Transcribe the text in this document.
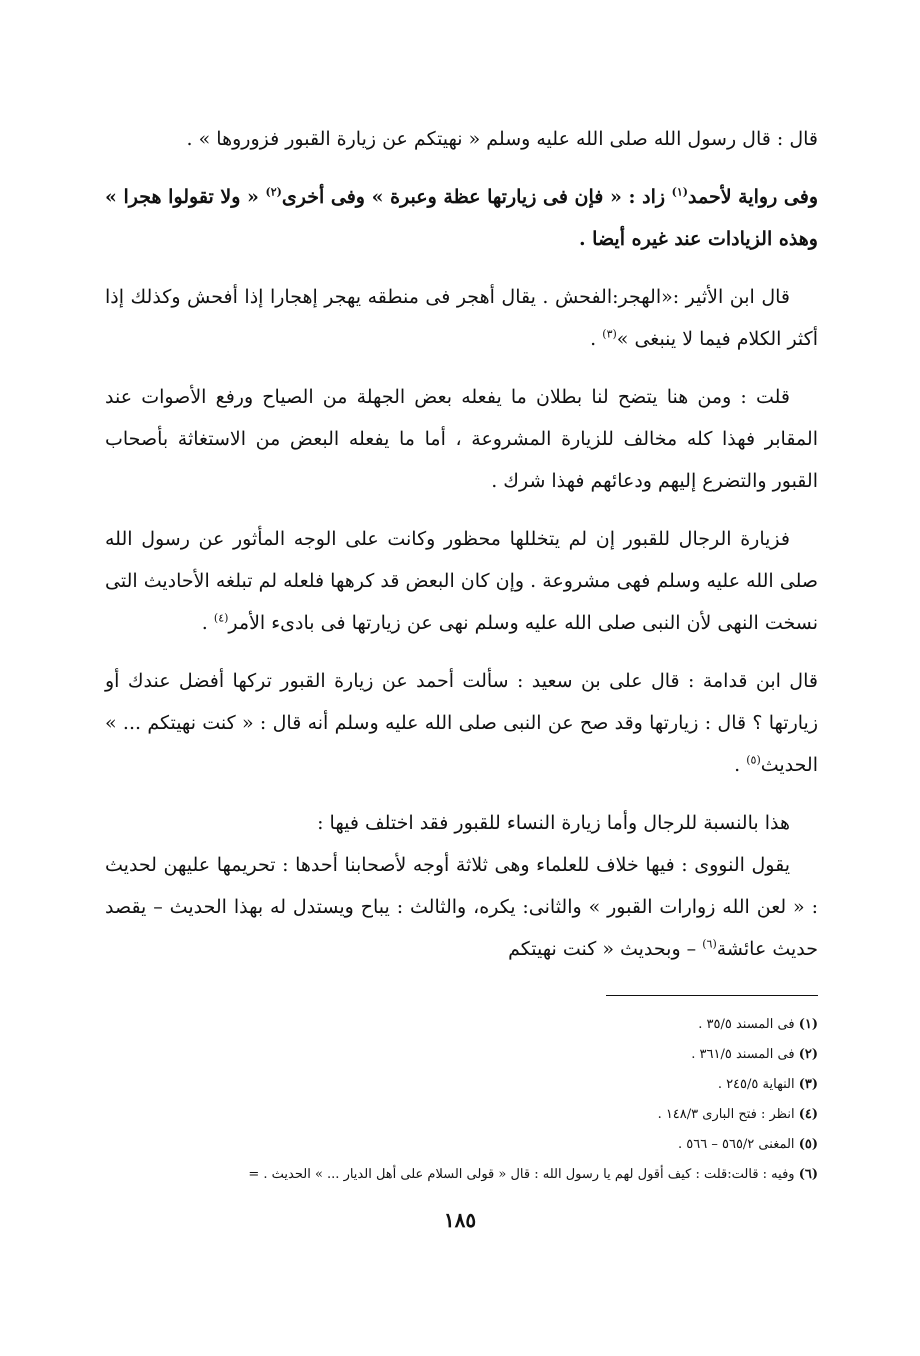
قال : قال رسول الله صلى الله عليه وسلم « نهيتكم عن زيارة القبور فزوروها » .

وفى رواية لأحمد$^{(١)}$ زاد : « فإن فى زيارتها عظة وعبرة » وفى أخرى$^{(٢)}$ « ولا تقولوا هجرا » وهذه الزيادات عند غيره أيضا .

قال ابن الأثير :«الهجر:الفحش . يقال أهجر فى منطقه يهجر إهجارا إذا أفحش وكذلك إذا أكثر الكلام فيما لا ينبغى »$^{(٣)}$ .

قلت : ومن هنا يتضح لنا بطلان ما يفعله بعض الجهلة من الصياح ورفع الأصوات عند المقابر فهذا كله مخالف للزيارة المشروعة ، أما ما يفعله البعض من الاستغاثة بأصحاب القبور والتضرع إليهم ودعائهم فهذا شرك .

فزيارة الرجال للقبور إن لم يتخللها محظور وكانت على الوجه المأثور عن رسول الله صلى الله عليه وسلم فهى مشروعة . وإن كان البعض قد كرهها فلعله لم تبلغه الأحاديث التى نسخت النهى لأن النبى صلى الله عليه وسلم نهى عن زيارتها فى بادىء الأمر$^{(٤)}$ .

قال ابن قدامة : قال على بن سعيد : سألت أحمد عن زيارة القبور تركها أفضل عندك أو زيارتها ؟ قال : زيارتها وقد صح عن النبى صلى الله عليه وسلم أنه قال : « كنت نهيتكم ... » الحديث$^{(٥)}$ .

هذا بالنسبة للرجال وأما زيارة النساء للقبور فقد اختلف فيها :

يقول النووى : فيها خلاف للعلماء وهى ثلاثة أوجه لأصحابنا أحدها : تحريمها عليهن لحديث : « لعن الله زوارات القبور » والثانى: يكره، والثالث : يباح ويستدل له بهذا الحديث – يقصد حديث عائشة$^{(٦)}$ – وبحديث « كنت نهيتكم

(١) فى المسند ٣٥/٥ .

(٢) فى المسند ٣٦١/٥ .

(٣) النهاية ٢٤٥/٥ .

(٤) انظر : فتح البارى ١٤٨/٣ .

(٥) المغنى ٥٦٥/٢ – ٥٦٦ .

(٦) وفيه : قالت:قلت : كيف أقول لهم يا رسول الله : قال « قولى السلام على أهل الديار ... » الحديث . =

١٨٥
